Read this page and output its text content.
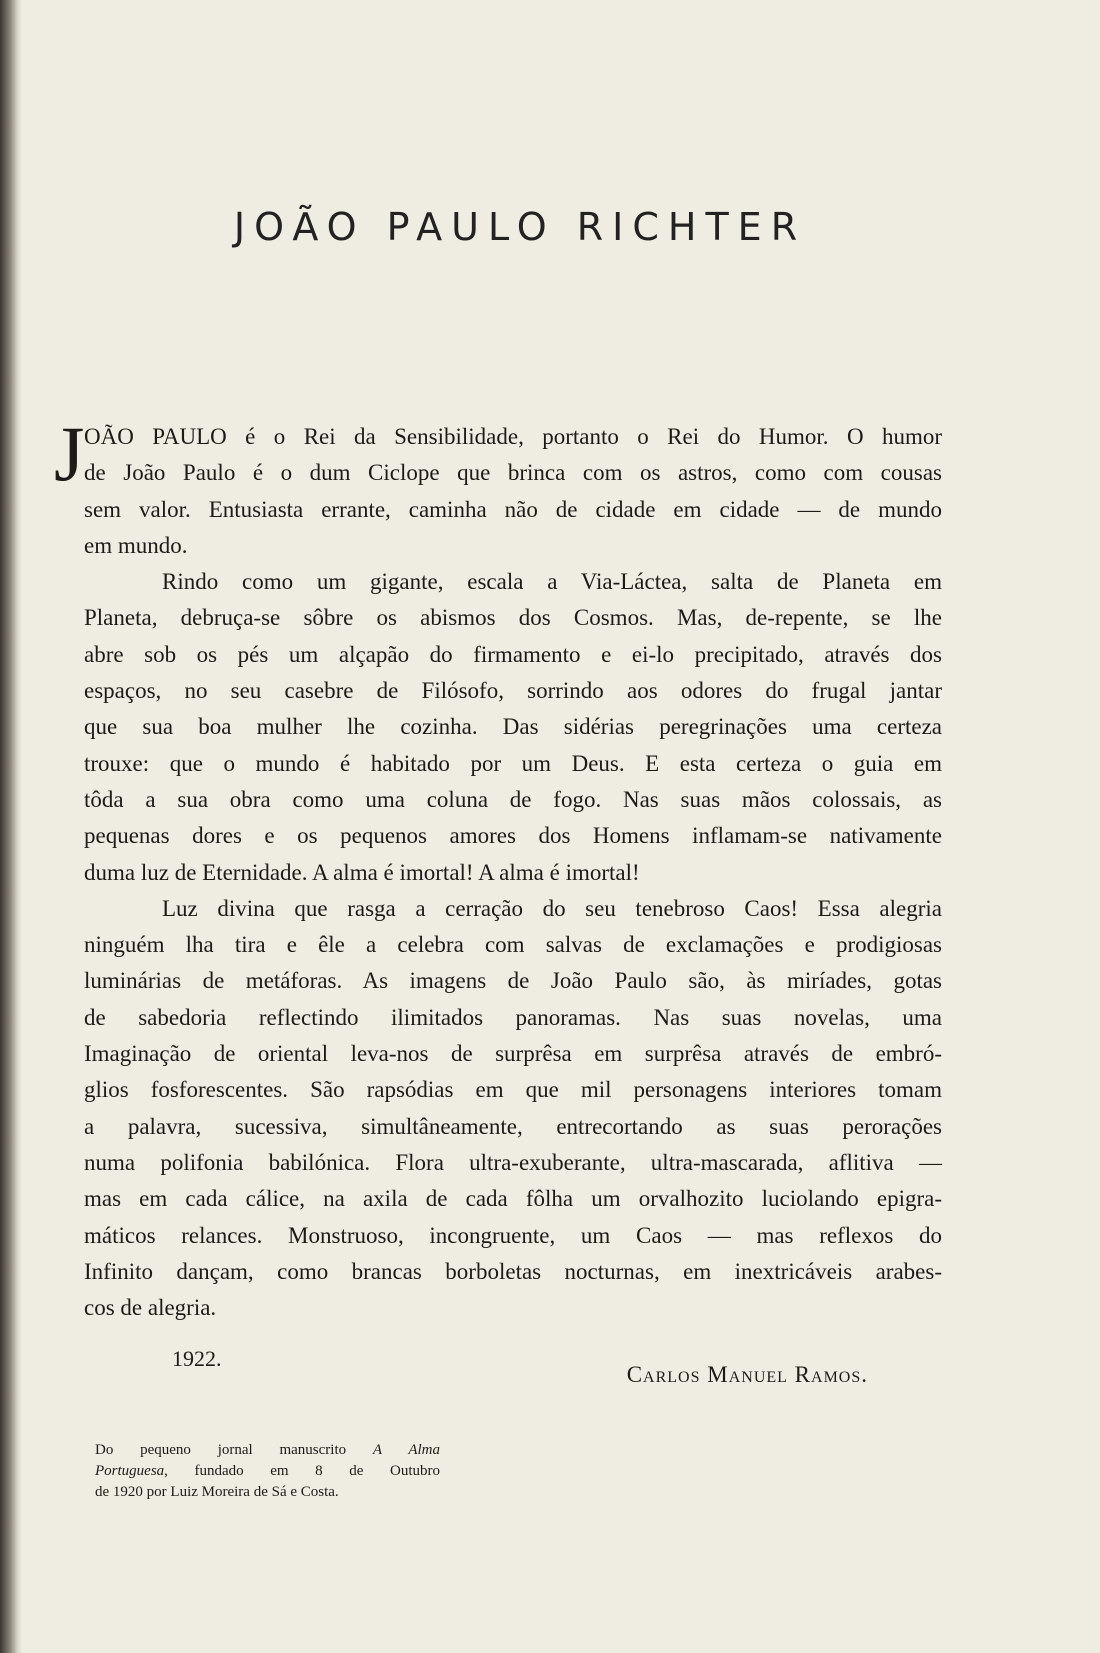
JOÃO PAULO RICHTER
J OÃO PAULO é o Rei da Sensibilidade, portanto o Rei do Humor. O humor
de João Paulo é o dum Ciclope que brinca com os astros, como com cousas
sem valor. Entusiasta errante, caminha não de cidade em cidade — de mundo
em mundo.
Rindo como um gigante, escala a Via-Láctea, salta de Planeta em
Planeta, debruça-se sôbre os abismos dos Cosmos. Mas, de-repente, se lhe
abre sob os pés um alçapão do firmamento e ei-lo precipitado, através dos
espaços, no seu casebre de Filósofo, sorrindo aos odores do frugal jantar
que sua boa mulher lhe cozinha. Das sidérias peregrinações uma certeza
trouxe: que o mundo é habitado por um Deus. E esta certeza o guia em
tôda a sua obra como uma coluna de fogo. Nas suas mãos colossais, as
pequenas dores e os pequenos amores dos Homens inflamam-se nativamente
duma luz de Eternidade. A alma é imortal! A alma é imortal!
Luz divina que rasga a cerração do seu tenebroso Caos! Essa alegria
ninguém lha tira e êle a celebra com salvas de exclamações e prodigiosas
luminárias de metáforas. As imagens de João Paulo são, às miríades, gotas
de sabedoria reflectindo ilimitados panoramas. Nas suas novelas, uma
Imaginação de oriental leva-nos de surprêsa em surprêsa através de embró-
glios fosforescentes. São rapsódias em que mil personagens interiores tomam
a palavra, sucessiva, simultâneamente, entrecortando as suas perorações
numa polifonia babilónica. Flora ultra-exuberante, ultra-mascarada, aflitiva —
mas em cada cálice, na axila de cada fôlha um orvalhozito luciolando epigra-
máticos relances. Monstruoso, incongruente, um Caos — mas reflexos do
Infinito dançam, como brancas borboletas nocturnas, em inextricáveis arabes-
cos de alegria.
1922.
Carlos Manuel Ramos.
Do pequeno jornal manuscrito A Alma
Portuguesa, fundado em 8 de Outubro
de 1920 por Luiz Moreira de Sá e Costa.
